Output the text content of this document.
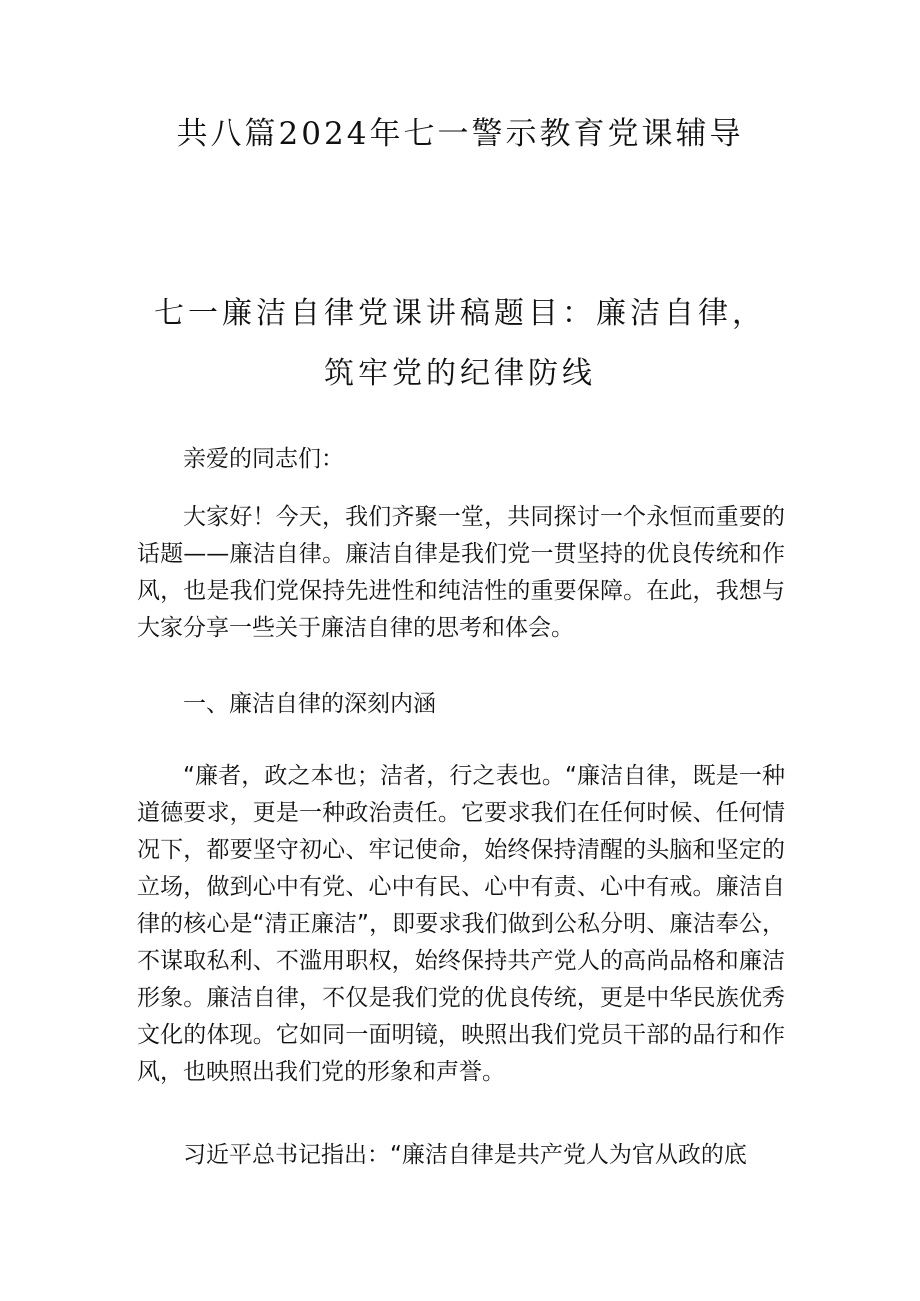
共八篇2024年七一警示教育党课辅导
七一廉洁自律党课讲稿题目：廉洁自律，
筑牢党的纪律防线

亲爱的同志们：

大家好！今天，我们齐聚一堂，共同探讨一个永恒而重要的话题——廉洁自律。廉洁自律是我们党一贯坚持的优良传统和作风，也是我们党保持先进性和纯洁性的重要保障。在此，我想与大家分享一些关于廉洁自律的思考和体会。

一、廉洁自律的深刻内涵

“廉者，政之本也；洁者，行之表也。“廉洁自律，既是一种道德要求，更是一种政治责任。它要求我们在任何时候、任何情况下，都要坚守初心、牢记使命，始终保持清醒的头脑和坚定的立场，做到心中有党、心中有民、心中有责、心中有戒。廉洁自律的核心是“清正廉洁”，即要求我们做到公私分明、廉洁奉公，不谋取私利、不滥用职权，始终保持共产党人的高尚品格和廉洁形象。廉洁自律，不仅是我们党的优良传统，更是中华民族优秀文化的体现。它如同一面明镜，映照出我们党员干部的品行和作风，也映照出我们党的形象和声誉。

习近平总书记指出：“廉洁自律是共产党人为官从政的底
